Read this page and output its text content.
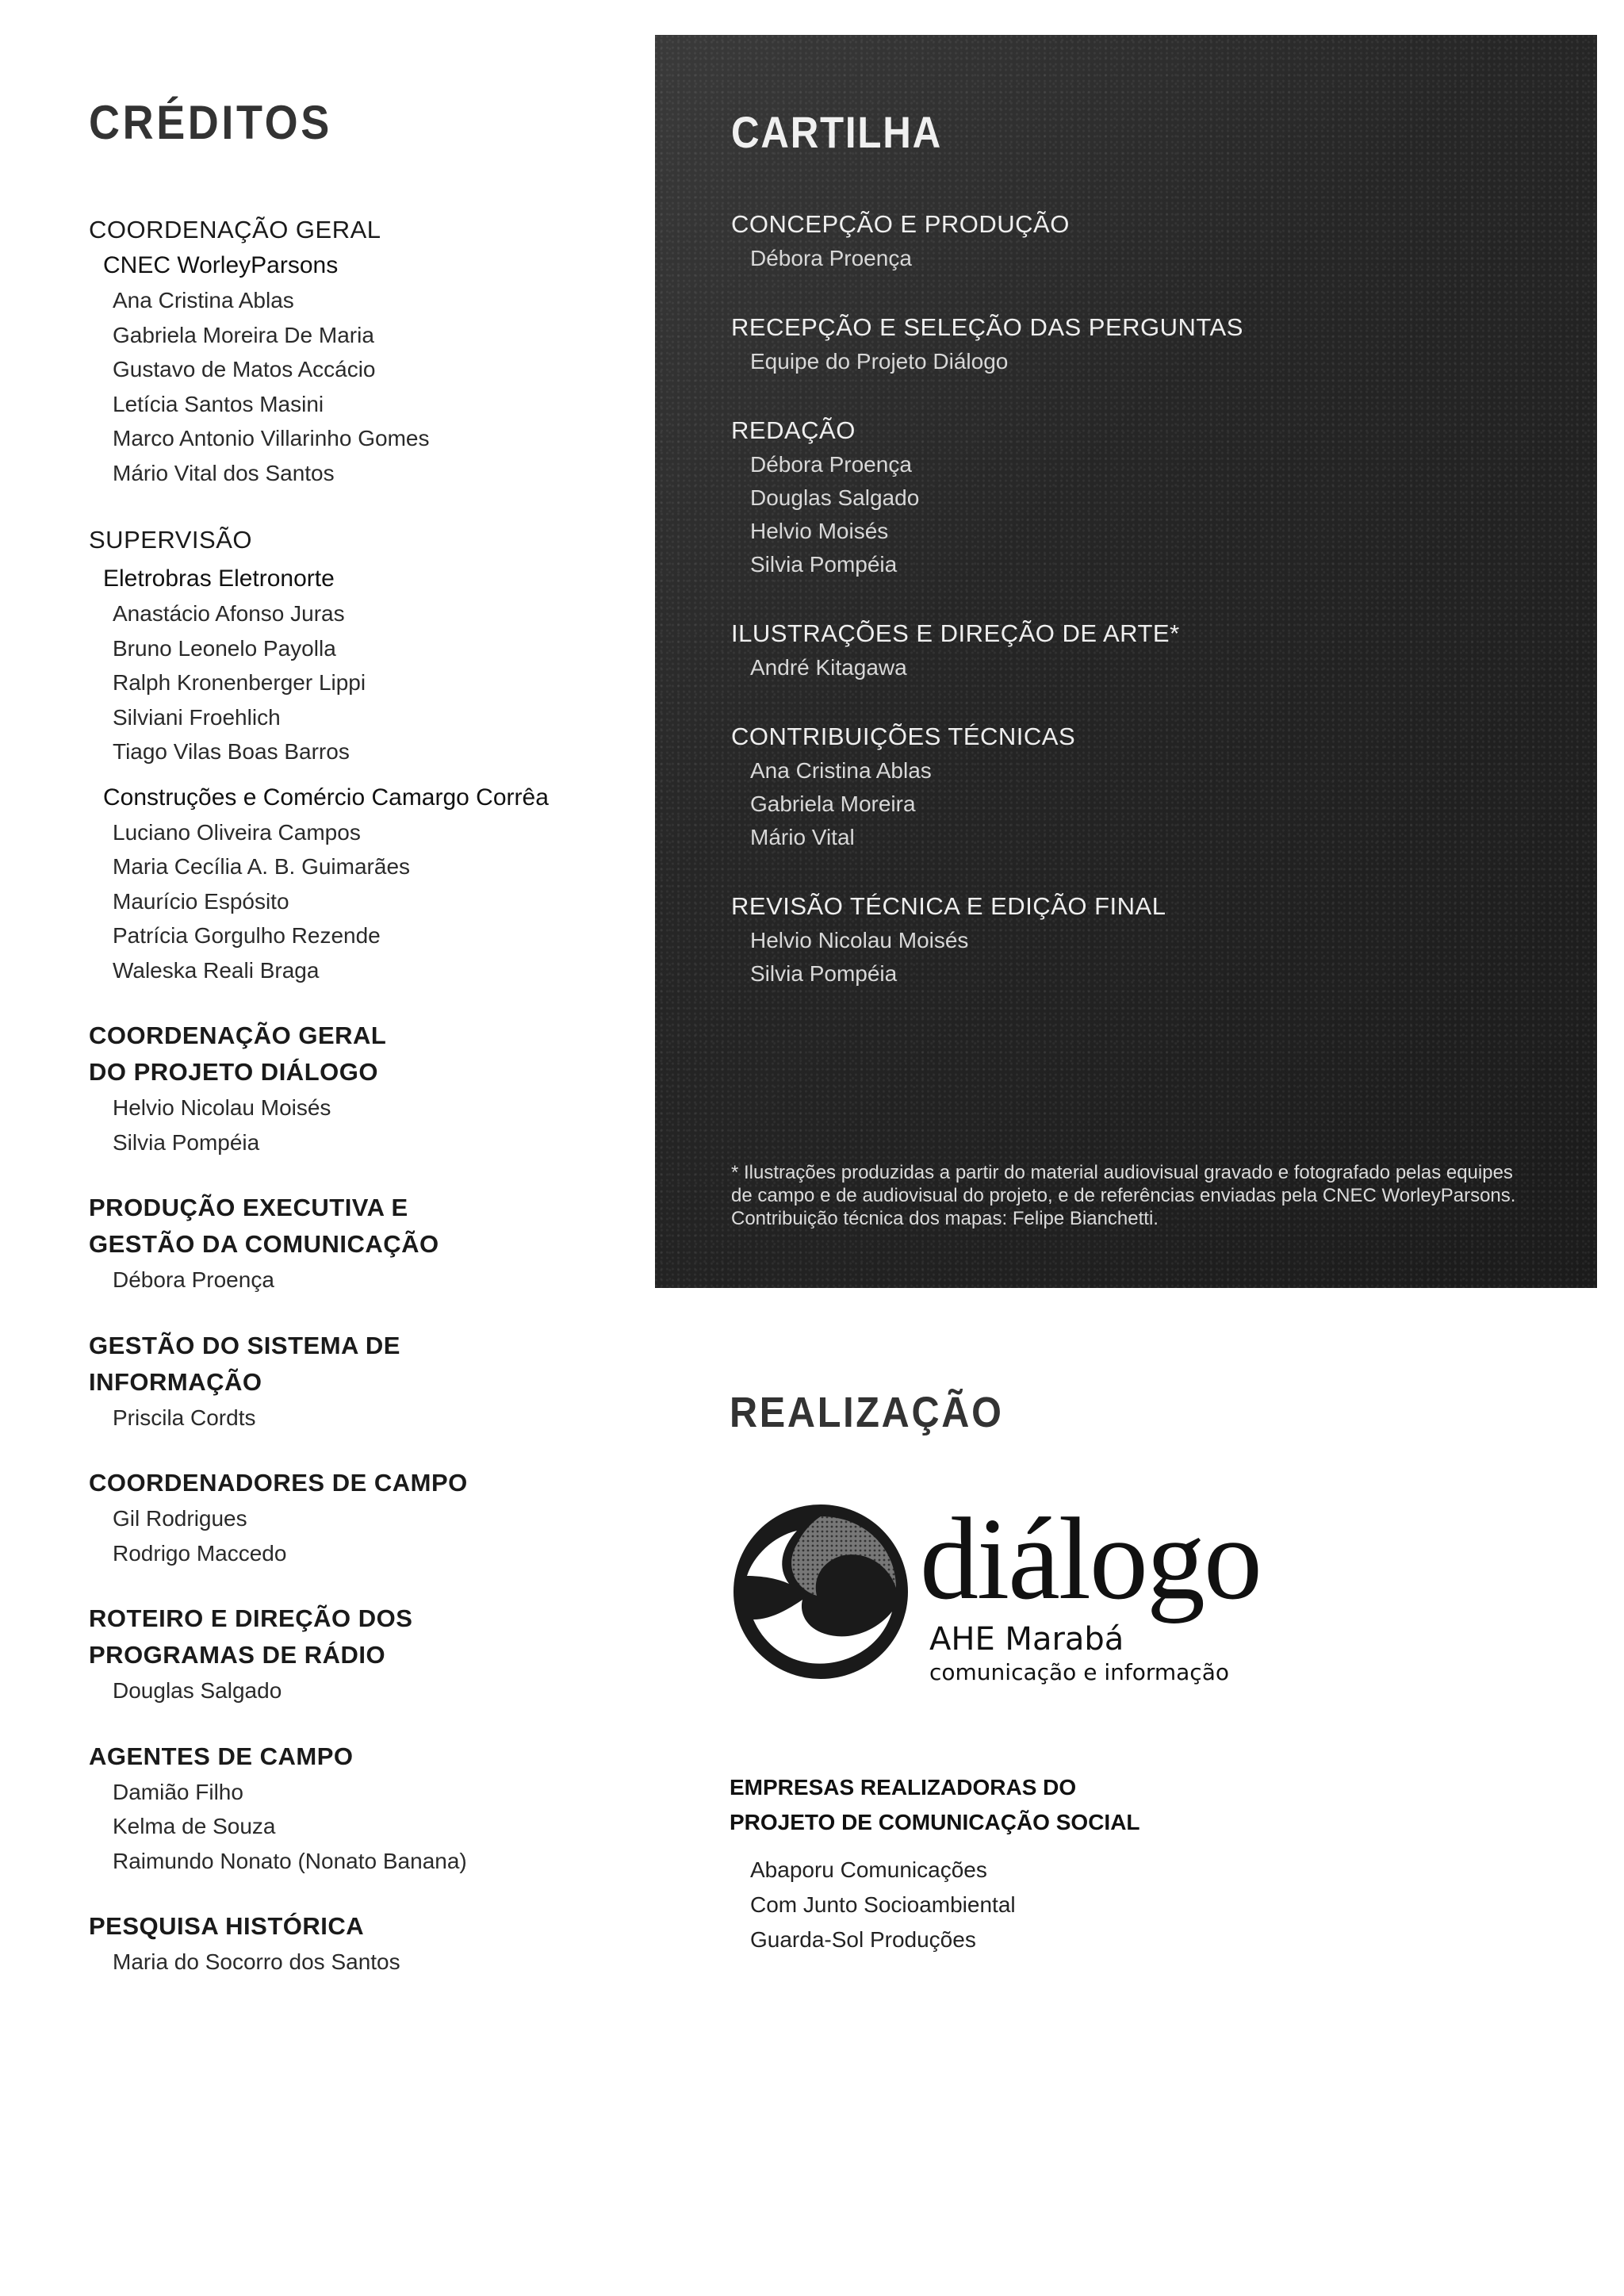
CRÉDITOS
COORDENAÇÃO GERAL
CNEC WorleyParsons
Ana Cristina Ablas
Gabriela Moreira De Maria
Gustavo de Matos Accácio
Letícia Santos Masini
Marco Antonio Villarinho Gomes
Mário Vital dos Santos
SUPERVISÃO
Eletrobras Eletronorte
Anastácio Afonso Juras
Bruno Leonelo Payolla
Ralph Kronenberger Lippi
Silviani Froehlich
Tiago Vilas Boas Barros
Construções e Comércio Camargo Corrêa
Luciano Oliveira Campos
Maria Cecília A. B. Guimarães
Maurício Espósito
Patrícia Gorgulho Rezende
Waleska Reali Braga
COORDENAÇÃO GERAL
DO PROJETO DIÁLOGO
Helvio Nicolau Moisés
Silvia Pompéia
PRODUÇÃO EXECUTIVA E
GESTÃO DA COMUNICAÇÃO
Débora Proença
GESTÃO DO SISTEMA DE
INFORMAÇÃO
Priscila Cordts
COORDENADORES DE CAMPO
Gil Rodrigues
Rodrigo Maccedo
ROTEIRO E DIREÇÃO DOS
PROGRAMAS DE RÁDIO
Douglas Salgado
AGENTES DE CAMPO
Damião Filho
Kelma de Souza
Raimundo Nonato (Nonato Banana)
PESQUISA HISTÓRICA
Maria do Socorro dos Santos
CARTILHA
CONCEPÇÃO E PRODUÇÃO
Débora Proença
RECEPÇÃO E SELEÇÃO DAS PERGUNTAS
Equipe do Projeto Diálogo
REDAÇÃO
Débora Proença
Douglas Salgado
Helvio Moisés
Silvia Pompéia
ILUSTRAÇÕES E DIREÇÃO DE ARTE*
André Kitagawa
CONTRIBUIÇÕES TÉCNICAS
Ana Cristina Ablas
Gabriela Moreira
Mário Vital
REVISÃO TÉCNICA E EDIÇÃO FINAL
Helvio Nicolau Moisés
Silvia Pompéia
* Ilustrações produzidas a partir do material audiovisual gravado e fotografado pelas equipes de campo e de audiovisual do projeto, e de referências enviadas pela CNEC WorleyParsons. Contribuição técnica dos mapas: Felipe Bianchetti.
REALIZAÇÃO
diálogo
AHE Marabá
comunicação e informação
EMPRESAS REALIZADORAS DO
PROJETO DE COMUNICAÇÃO SOCIAL
Abaporu Comunicações
Com Junto Socioambiental
Guarda-Sol Produções
